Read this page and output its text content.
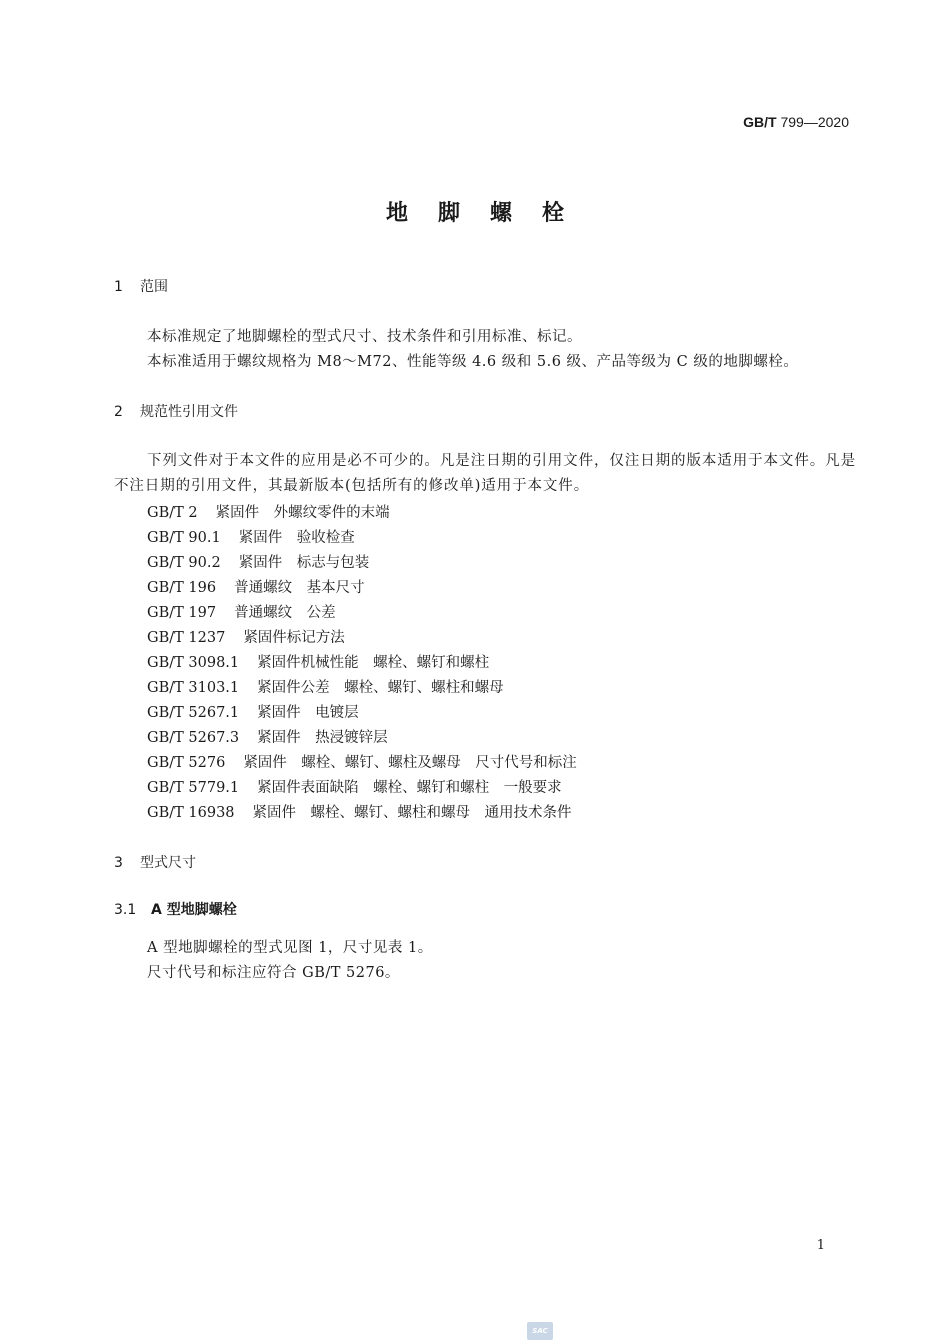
GB/T 799—2020
地脚螺栓
1 范围
本标准规定了地脚螺栓的型式尺寸、技术条件和引用标准、标记。
本标准适用于螺纹规格为 M8～M72、性能等级 4.6 级和 5.6 级、产品等级为 C 级的地脚螺栓。
2 规范性引用文件
下列文件对于本文件的应用是必不可少的。凡是注日期的引用文件，仅注日期的版本适用于本文件。凡是不注日期的引用文件，其最新版本(包括所有的修改单)适用于本文件。
GB/T 2 紧固件　外螺纹零件的末端
GB/T 90.1 紧固件　验收检查
GB/T 90.2 紧固件　标志与包装
GB/T 196 普通螺纹　基本尺寸
GB/T 197 普通螺纹　公差
GB/T 1237 紧固件标记方法
GB/T 3098.1 紧固件机械性能　螺栓、螺钉和螺柱
GB/T 3103.1 紧固件公差　螺栓、螺钉、螺柱和螺母
GB/T 5267.1 紧固件　电镀层
GB/T 5267.3 紧固件　热浸镀锌层
GB/T 5276 紧固件　螺栓、螺钉、螺柱及螺母　尺寸代号和标注
GB/T 5779.1 紧固件表面缺陷　螺栓、螺钉和螺柱　一般要求
GB/T 16938 紧固件　螺栓、螺钉、螺柱和螺母　通用技术条件
3 型式尺寸
3.1 A 型地脚螺栓
A 型地脚螺栓的型式见图 1，尺寸见表 1。
尺寸代号和标注应符合 GB/T 5276。
1
SAC
